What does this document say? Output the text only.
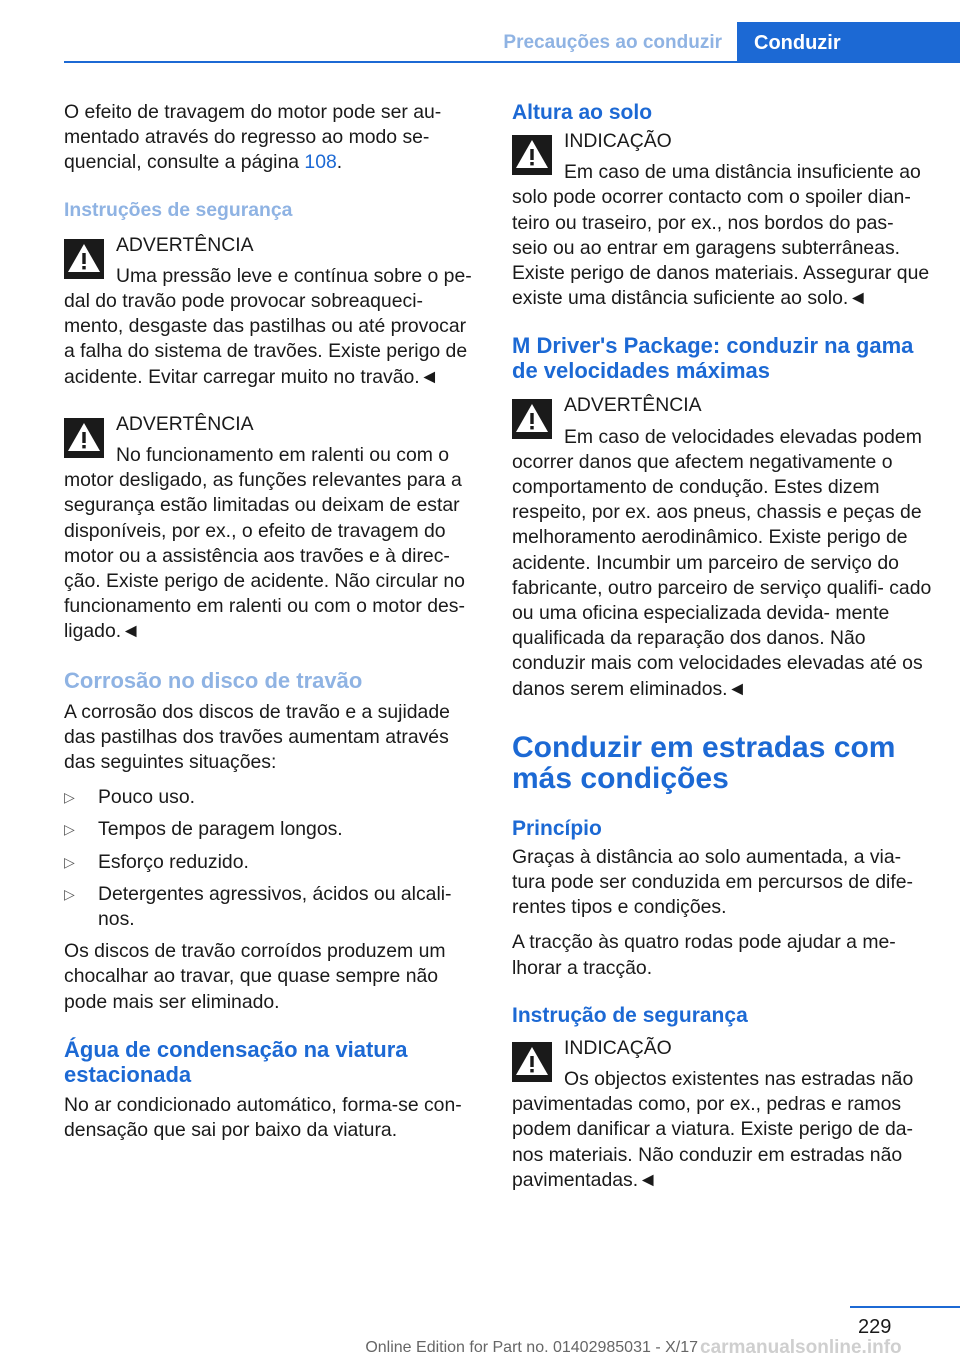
Precauções ao conduzir Conduzir

O efeito de travagem do motor pode ser au- mentado através do regresso ao modo se- quencial, consulte a página 108.

Instruções de segurança

ADVERTÊNCIA

Uma pressão leve e contínua sobre o pe-

dal do travão pode provocar sobreaqueci- mento, desgaste das pastilhas ou até provocar a falha do sistema de travões. Existe perigo de acidente. Evitar carregar muito no travão.◄

ADVERTÊNCIA

No funcionamento em ralenti ou com o

motor desligado, as funções relevantes para a segurança estão limitadas ou deixam de estar disponíveis, por ex., o efeito de travagem do motor ou a assistência aos travões e à direc- ção. Existe perigo de acidente. Não circular no funcionamento em ralenti ou com o motor des- ligado.◄

Corrosão no disco de travão

A corrosão dos discos de travão e a sujidade das pastilhas dos travões aumentam através das seguintes situações:

▷ Pouco uso.
▷ Tempos de paragem longos.
▷ Esforço reduzido.
▷ Detergentes agressivos, ácidos ou alcali- nos.

Os discos de travão corroídos produzem um chocalhar ao travar, que quase sempre não pode mais ser eliminado.

Água de condensação na viatura estacionada

No ar condicionado automático, forma-se con- densação que sai por baixo da viatura.

Altura ao solo

INDICAÇÃO

Em caso de uma distância insuficiente ao

solo pode ocorrer contacto com o spoiler dian- teiro ou traseiro, por ex., nos bordos do pas- seio ou ao entrar em garagens subterrâneas. Existe perigo de danos materiais. Assegurar que existe uma distância suficiente ao solo.◄

M Driver's Package: conduzir na gama de velocidades máximas

ADVERTÊNCIA

Em caso de velocidades elevadas podem

ocorrer danos que afectem negativamente o comportamento de condução. Estes dizem respeito, por ex. aos pneus, chassis e peças de melhoramento aerodinâmico. Existe perigo de acidente. Incumbir um parceiro de serviço do fabricante, outro parceiro de serviço qualifi- cado ou uma oficina especializada devida- mente qualificada da reparação dos danos. Não conduzir mais com velocidades elevadas até os danos serem eliminados.◄

Conduzir em estradas com más condições
Princípio

Graças à distância ao solo aumentada, a via- tura pode ser conduzida em percursos de dife- rentes tipos e condições.

A tracção às quatro rodas pode ajudar a me- lhorar a tracção.

Instrução de segurança

INDICAÇÃO

Os objectos existentes nas estradas não

pavimentadas como, por ex., pedras e ramos podem danificar a viatura. Existe perigo de da- nos materiais. Não conduzir em estradas não pavimentadas.◄

229
carmanualsonline.info
Online Edition for Part no. 01402985031 - X/17
